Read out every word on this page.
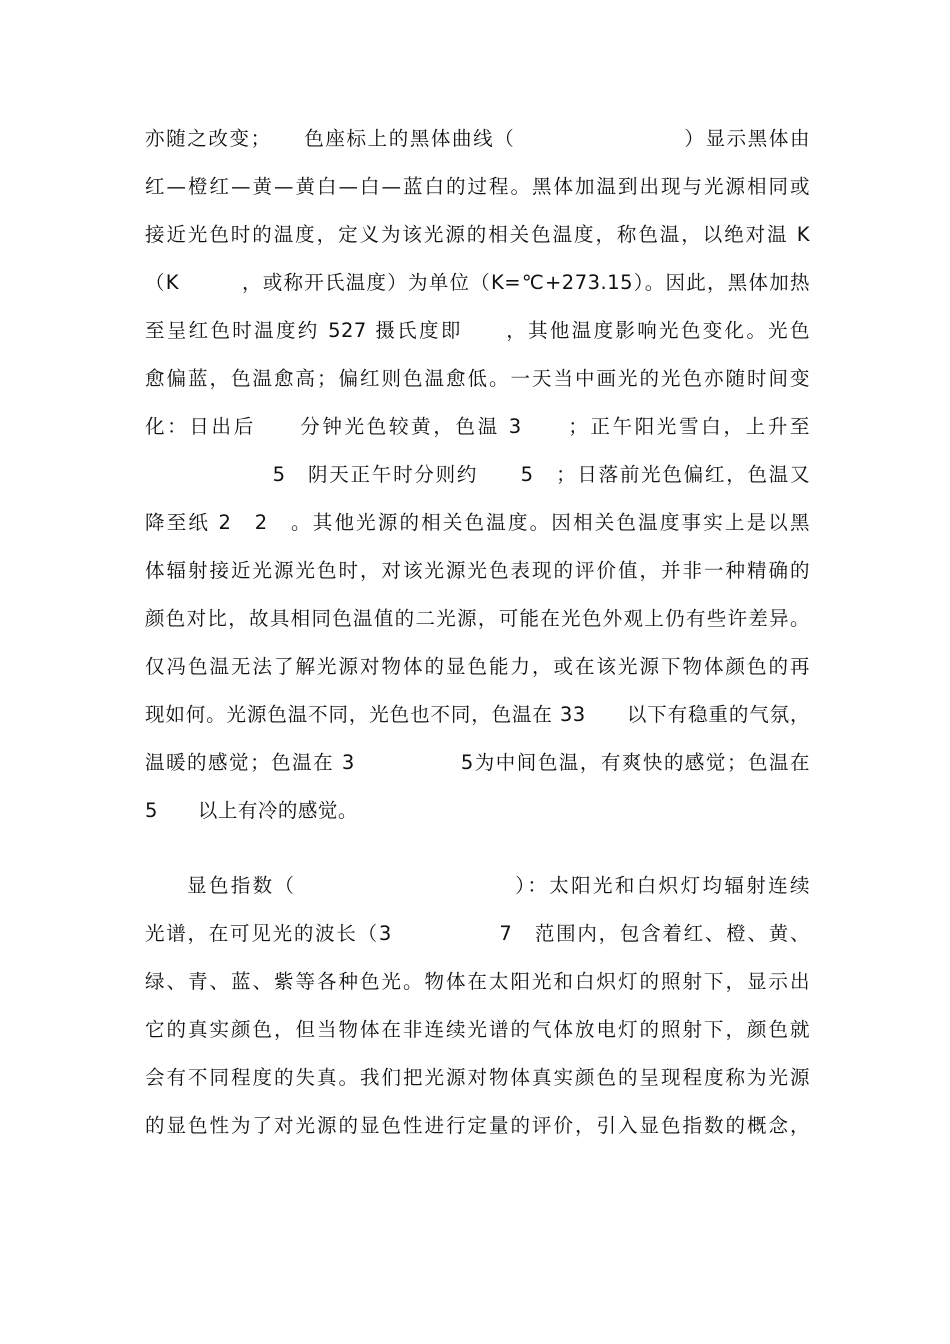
亦随之改变；　　色座标上的黑体曲线（　　　　　　　　）显示黑体由
红—橙红—黄—黄白—白—蓝白的过程。黑体加温到出现与光源相同或
接近光色时的温度，定义为该光源的相关色温度，称色温，以绝对温 K
（K　　　，或称开氏温度）为单位（K=℃+273.15）。因此，黑体加热
至呈红色时温度约 527 摄氏度即　　，其他温度影响光色变化。光色
愈偏蓝，色温愈高；偏红则色温愈低。一天当中画光的光色亦随时间变
化：日出后　　分钟光色较黄，色温 3　　；正午阳光雪白，上升至
　　　　　　5　阴天正午时分则约　　5　；日落前光色偏红，色温又
降至纸 2　2　。其他光源的相关色温度。因相关色温度事实上是以黑
体辐射接近光源光色时，对该光源光色表现的评价值，并非一种精确的
颜色对比，故具相同色温值的二光源，可能在光色外观上仍有些许差异。
仅冯色温无法了解光源对物体的显色能力，或在该光源下物体颜色的再
现如何。光源色温不同，光色也不同，色温在 33　　以下有稳重的气氛，
温暖的感觉；色温在 3　　　　　5为中间色温，有爽快的感觉；色温在
5　　以上有冷的感觉。
显色指数（　　　　　　　　　　）：太阳光和白炽灯均辐射连续
光谱，在可见光的波长（3　　　　　7　范围内，包含着红、橙、黄、
绿、青、蓝、紫等各种色光。物体在太阳光和白炽灯的照射下，显示出
它的真实颜色，但当物体在非连续光谱的气体放电灯的照射下，颜色就
会有不同程度的失真。我们把光源对物体真实颜色的呈现程度称为光源
的显色性为了对光源的显色性进行定量的评价，引入显色指数的概念，
